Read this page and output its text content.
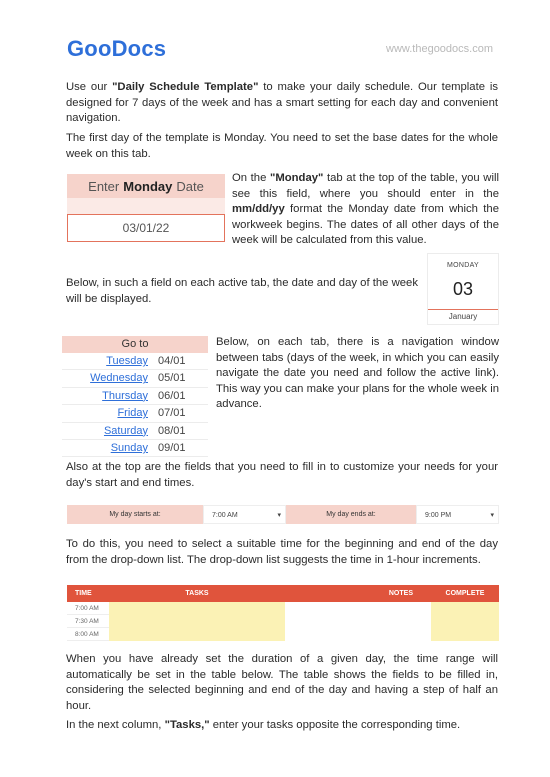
GooDocs	www.thegoodocs.com

Use our "Daily Schedule Template" to make your daily schedule. Our template is designed for 7 days of the week and has a smart setting for each day and convenient navigation.

The first day of the template is Monday. You need to set the base dates for the whole week on this tab.

Enter Monday Date
03/01/22

On the "Monday" tab at the top of the table, you will see this field, where you should enter in the mm/dd/yy format the Monday date from which the workweek begins. The dates of all other days of the week will be calculated from this value.

MONDAY
03
January

Below, in such a field on each active tab, the date and day of the week will be displayed.

Go to
Tuesday 04/01
Wednesday 05/01
Thursday 06/01
Friday 07/01
Saturday 08/01
Sunday 09/01

Below, on each tab, there is a navigation window between tabs (days of the week, in which you can easily navigate the date you need and follow the active link). This way you can make your plans for the whole week in advance.

Also at the top are the fields that you need to fill in to customize your needs for your day's start and end times.

My day starts at:	7:00 AM	▾	My day ends at:	9:00 PM	▾

To do this, you need to select a suitable time for the beginning and end of the day from the drop-down list. The drop-down list suggests the time in 1-hour increments.

TIME	TASKS	NOTES	COMPLETE
7:00 AM
7:30 AM
8:00 AM

When you have already set the duration of a given day, the time range will automatically be set in the table below. The table shows the fields to be filled in, considering the selected beginning and end of the day and having a step of half an hour.

In the next column, "Tasks," enter your tasks opposite the corresponding time.
